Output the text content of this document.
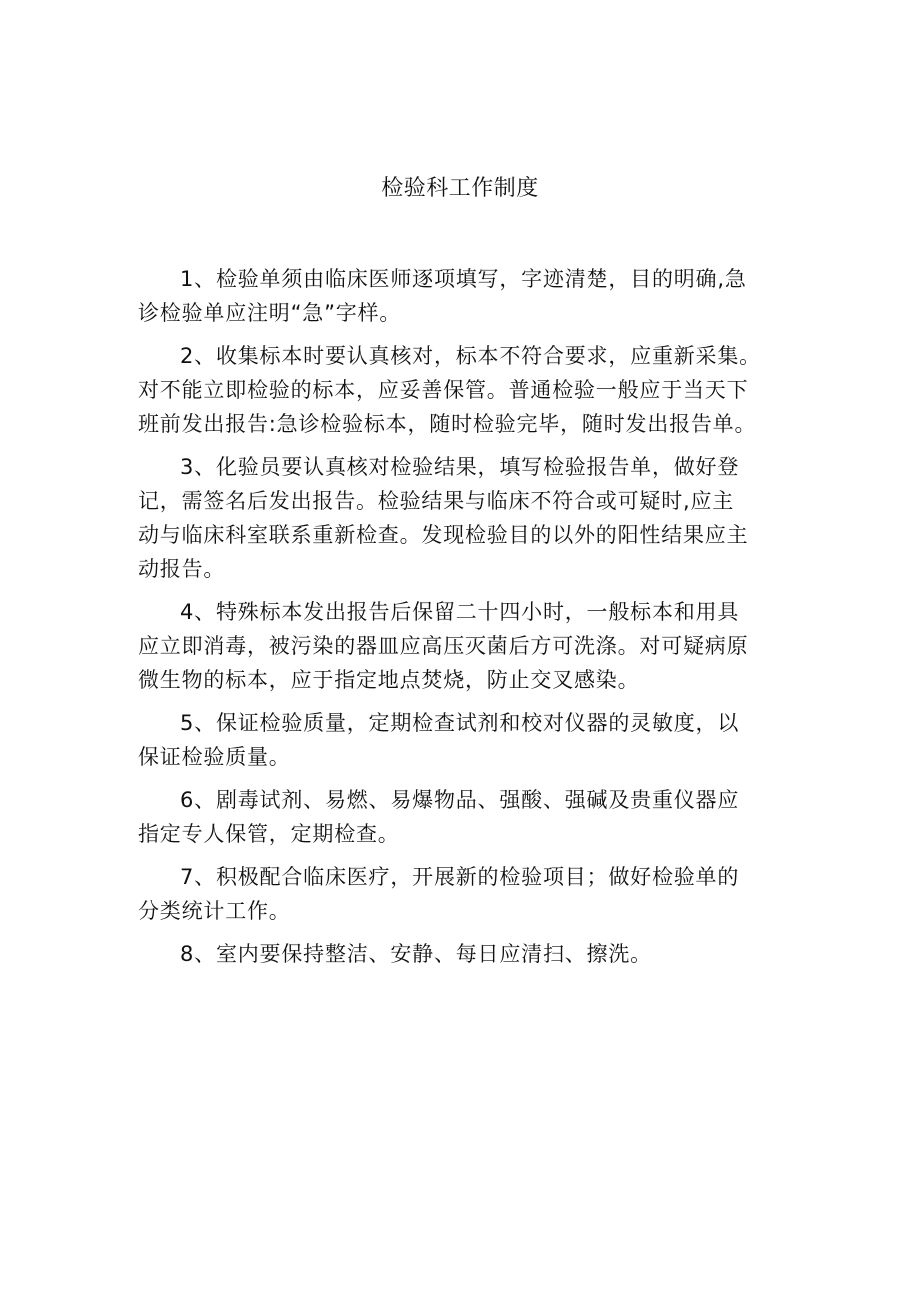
检验科工作制度
1、检验单须由临床医师逐项填写，字迹清楚，目的明确,急
诊检验单应注明“急”字样。
2、收集标本时要认真核对，标本不符合要求，应重新采集。
对不能立即检验的标本，应妥善保管。普通检验一般应于当天下
班前发出报告:急诊检验标本，随时检验完毕，随时发出报告单。
3、化验员要认真核对检验结果，填写检验报告单，做好登
记，需签名后发出报告。检验结果与临床不符合或可疑时,应主
动与临床科室联系重新检查。发现检验目的以外的阳性结果应主
动报告。
4、特殊标本发出报告后保留二十四小时，一般标本和用具
应立即消毒，被污染的器皿应高压灭菌后方可洗涤。对可疑病原
微生物的标本，应于指定地点焚烧，防止交叉感染。
5、保证检验质量，定期检查试剂和校对仪器的灵敏度，以
保证检验质量。
6、剧毒试剂、易燃、易爆物品、强酸、强碱及贵重仪器应
指定专人保管，定期检查。
7、积极配合临床医疗，开展新的检验项目；做好检验单的
分类统计工作。
8、室内要保持整洁、安静、每日应清扫、擦洗。
